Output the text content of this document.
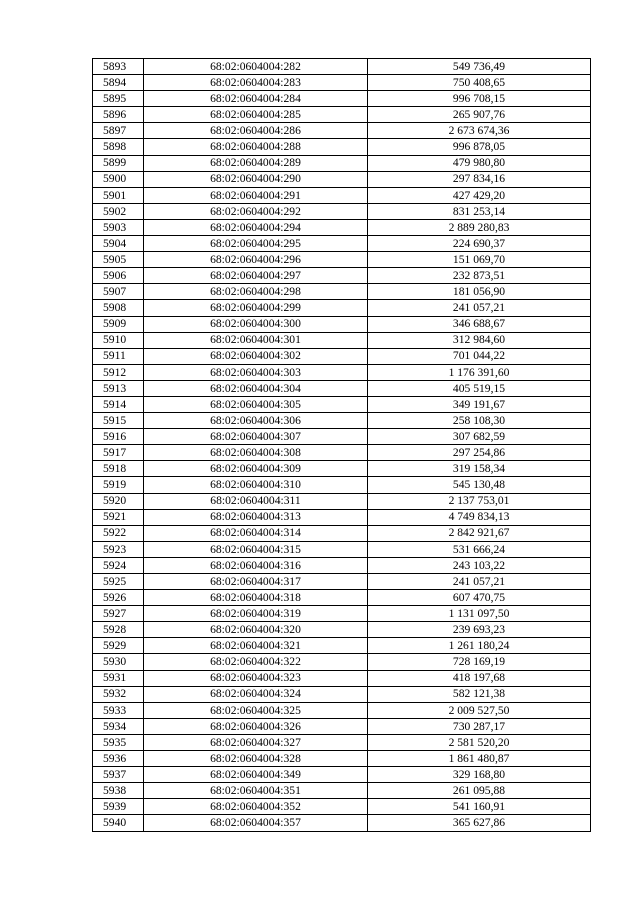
5893	68:02:0604004:282	549 736,49
5894	68:02:0604004:283	750 408,65
5895	68:02:0604004:284	996 708,15
5896	68:02:0604004:285	265 907,76
5897	68:02:0604004:286	2 673 674,36
5898	68:02:0604004:288	996 878,05
5899	68:02:0604004:289	479 980,80
5900	68:02:0604004:290	297 834,16
5901	68:02:0604004:291	427 429,20
5902	68:02:0604004:292	831 253,14
5903	68:02:0604004:294	2 889 280,83
5904	68:02:0604004:295	224 690,37
5905	68:02:0604004:296	151 069,70
5906	68:02:0604004:297	232 873,51
5907	68:02:0604004:298	181 056,90
5908	68:02:0604004:299	241 057,21
5909	68:02:0604004:300	346 688,67
5910	68:02:0604004:301	312 984,60
5911	68:02:0604004:302	701 044,22
5912	68:02:0604004:303	1 176 391,60
5913	68:02:0604004:304	405 519,15
5914	68:02:0604004:305	349 191,67
5915	68:02:0604004:306	258 108,30
5916	68:02:0604004:307	307 682,59
5917	68:02:0604004:308	297 254,86
5918	68:02:0604004:309	319 158,34
5919	68:02:0604004:310	545 130,48
5920	68:02:0604004:311	2 137 753,01
5921	68:02:0604004:313	4 749 834,13
5922	68:02:0604004:314	2 842 921,67
5923	68:02:0604004:315	531 666,24
5924	68:02:0604004:316	243 103,22
5925	68:02:0604004:317	241 057,21
5926	68:02:0604004:318	607 470,75
5927	68:02:0604004:319	1 131 097,50
5928	68:02:0604004:320	239 693,23
5929	68:02:0604004:321	1 261 180,24
5930	68:02:0604004:322	728 169,19
5931	68:02:0604004:323	418 197,68
5932	68:02:0604004:324	582 121,38
5933	68:02:0604004:325	2 009 527,50
5934	68:02:0604004:326	730 287,17
5935	68:02:0604004:327	2 581 520,20
5936	68:02:0604004:328	1 861 480,87
5937	68:02:0604004:349	329 168,80
5938	68:02:0604004:351	261 095,88
5939	68:02:0604004:352	541 160,91
5940	68:02:0604004:357	365 627,86
